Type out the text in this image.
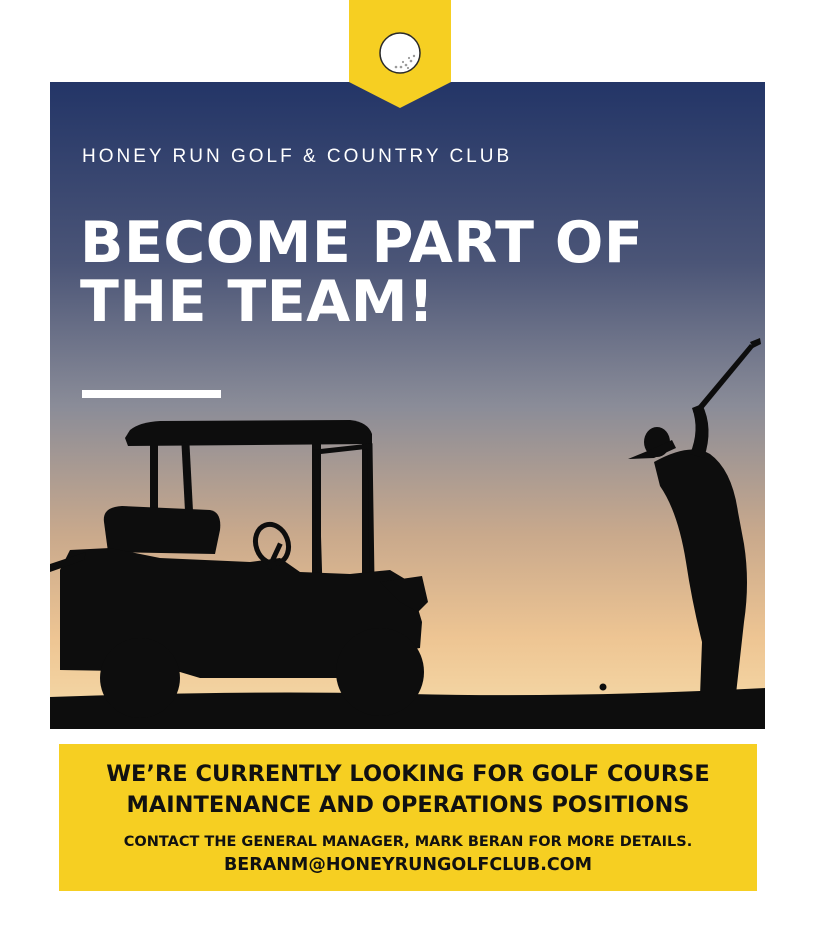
HONEY RUN GOLF & COUNTRY CLUB
BECOME PART OF
THE TEAM!
WE’RE CURRENTLY LOOKING FOR GOLF COURSE
MAINTENANCE AND OPERATIONS POSITIONS

CONTACT THE GENERAL MANAGER, MARK BERAN FOR MORE DETAILS.

BERANM@HONEYRUNGOLFCLUB.COM
